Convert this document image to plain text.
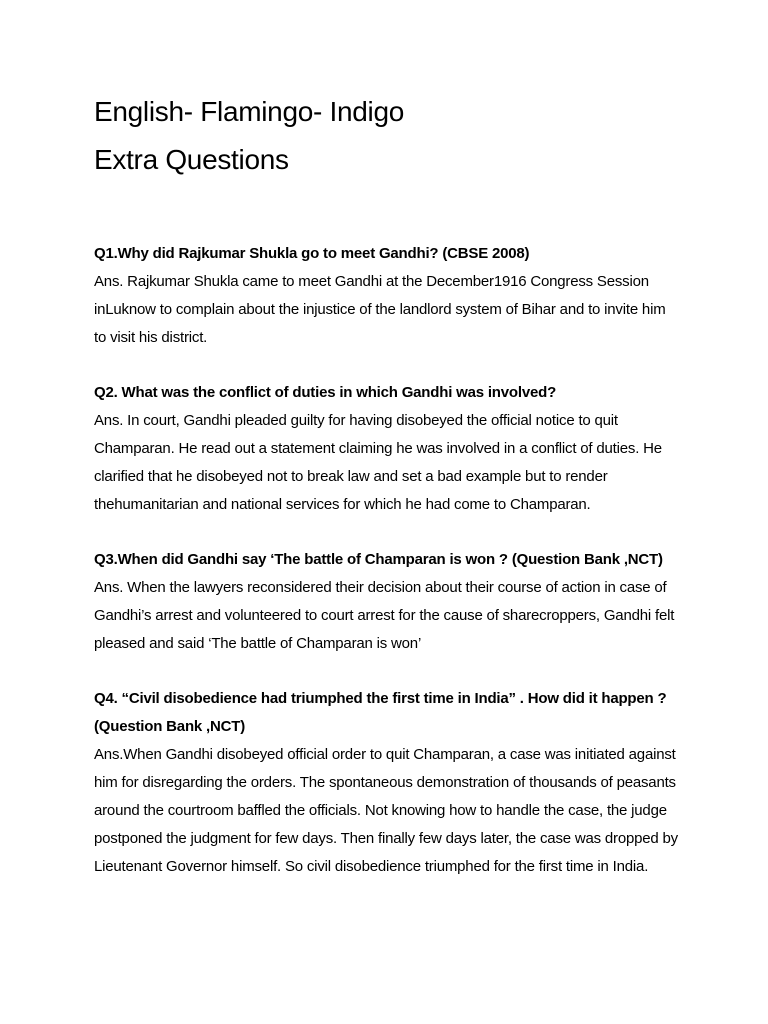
English- Flamingo- Indigo
Extra Questions

Q1.Why did Rajkumar Shukla go to meet Gandhi? (CBSE 2008)

Ans. Rajkumar Shukla came to meet Gandhi at the December1916 Congress Session inLuknow to complain about the injustice of the landlord system of Bihar and to invite him to visit his district.

Q2. What was the conflict of duties in which Gandhi was involved?

Ans. In court, Gandhi pleaded guilty for having disobeyed the official notice to quit Champaran. He read out a statement claiming he was involved in a conflict of duties. He clarified that he disobeyed not to break law and set a bad example but to render thehumanitarian and national services for which he had come to Champaran.

Q3.When did Gandhi say ‘The battle of Champaran is won ? (Question Bank ,NCT)

Ans. When the lawyers reconsidered their decision about their course of action in case of Gandhi’s arrest and volunteered to court arrest for the cause of sharecroppers, Gandhi felt pleased and said ‘The battle of Champaran is won’

Q4. “Civil disobedience had triumphed the first time in India” . How did it happen ? (Question Bank ,NCT)

Ans.When Gandhi disobeyed official order to quit Champaran, a case was initiated against him for disregarding the orders. The spontaneous demonstration of thousands of peasants around the courtroom baffled the officials. Not knowing how to handle the case, the judge postponed the judgment for few days. Then finally few days later, the case was dropped by Lieutenant Governor himself. So civil disobedience triumphed for the first time in India.
